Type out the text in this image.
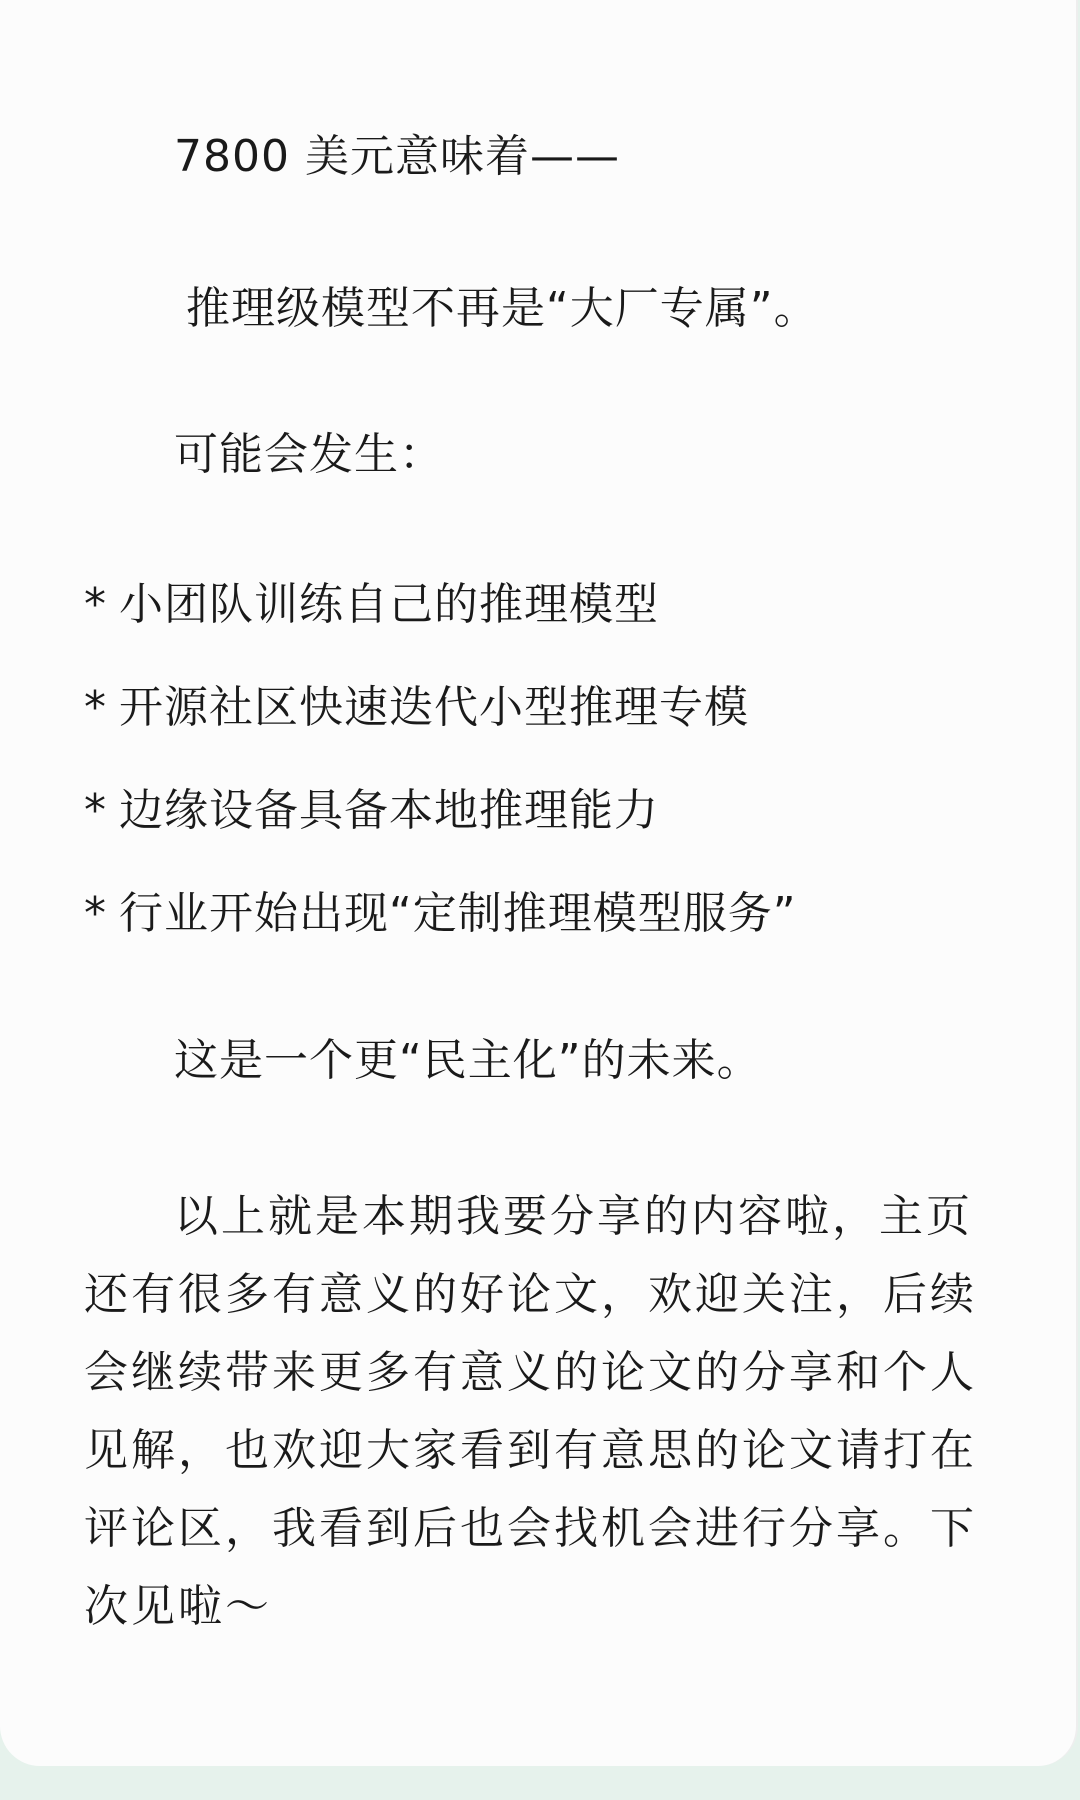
7800 美元意味着——

推理级模型不再是“大厂专属”。

可能会发生：

* 小团队训练自己的推理模型

* 开源社区快速迭代小型推理专模

* 边缘设备具备本地推理能力

* 行业开始出现“定制推理模型服务”

这是一个更“民主化”的未来。

以上就是本期我要分享的内容啦，主页还有很多有意义的好论文，欢迎关注，后续会继续带来更多有意义的论文的分享和个人见解，也欢迎大家看到有意思的论文请打在评论区，我看到后也会找机会进行分享。下次见啦～
